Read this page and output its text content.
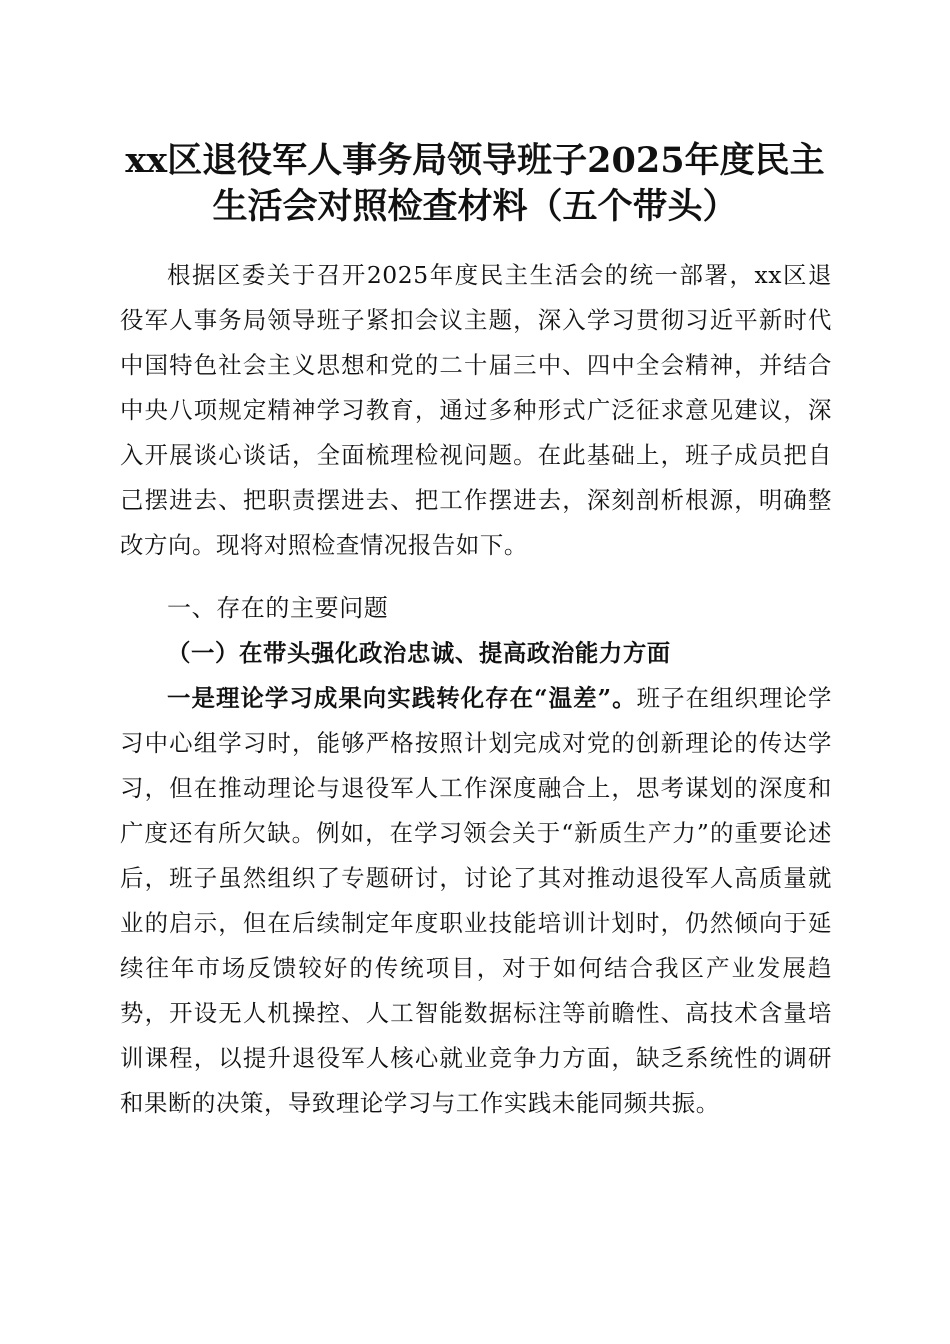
xx区退役军人事务局领导班子2025年度民主
生活会对照检查材料（五个带头）

根据区委关于召开2025年度民主生活会的统一部署，xx区退役军人事务局领导班子紧扣会议主题，深入学习贯彻习近平新时代中国特色社会主义思想和党的二十届三中、四中全会精神，并结合中央八项规定精神学习教育，通过多种形式广泛征求意见建议，深入开展谈心谈话，全面梳理检视问题。在此基础上，班子成员把自己摆进去、把职责摆进去、把工作摆进去，深刻剖析根源，明确整改方向。现将对照检查情况报告如下。

一、存在的主要问题
（一）在带头强化政治忠诚、提高政治能力方面

一是理论学习成果向实践转化存在“温差”。班子在组织理论学习中心组学习时，能够严格按照计划完成对党的创新理论的传达学习，但在推动理论与退役军人工作深度融合上，思考谋划的深度和广度还有所欠缺。例如，在学习领会关于“新质生产力”的重要论述后，班子虽然组织了专题研讨，讨论了其对推动退役军人高质量就业的启示，但在后续制定年度职业技能培训计划时，仍然倾向于延续往年市场反馈较好的传统项目，对于如何结合我区产业发展趋势，开设无人机操控、人工智能数据标注等前瞻性、高技术含量培训课程，以提升退役军人核心就业竞争力方面，缺乏系统性的调研和果断的决策，导致理论学习与工作实践未能同频共振。
